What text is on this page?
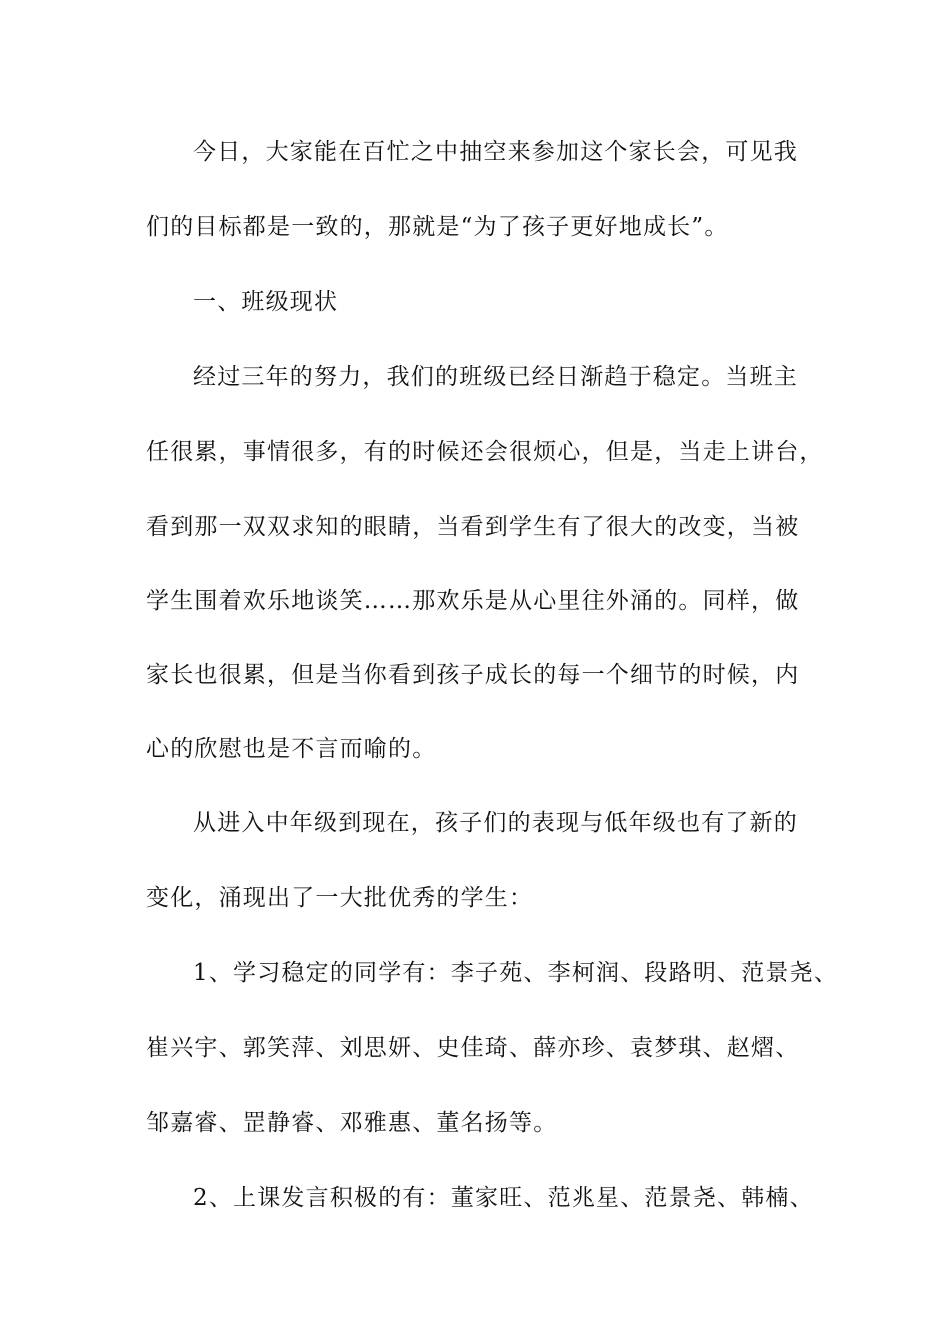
今日，大家能在百忙之中抽空来参加这个家长会，可见我
们的目标都是一致的，那就是“为了孩子更好地成长”。
一、班级现状
经过三年的努力，我们的班级已经日渐趋于稳定。当班主
任很累，事情很多，有的时候还会很烦心，但是，当走上讲台，
看到那一双双求知的眼睛，当看到学生有了很大的改变，当被
学生围着欢乐地谈笑……那欢乐是从心里往外涌的。同样，做
家长也很累，但是当你看到孩子成长的每一个细节的时候，内
心的欣慰也是不言而喻的。
从进入中年级到现在，孩子们的表现与低年级也有了新的
变化，涌现出了一大批优秀的学生：
1、学习稳定的同学有：李子苑、李柯润、段路明、范景尧、
崔兴宇、郭笑萍、刘思妍、史佳琦、薛亦珍、袁梦琪、赵熠、
邹嘉睿、罡静睿、邓雅惠、董名扬等。
2、上课发言积极的有：董家旺、范兆星、范景尧、韩楠、
